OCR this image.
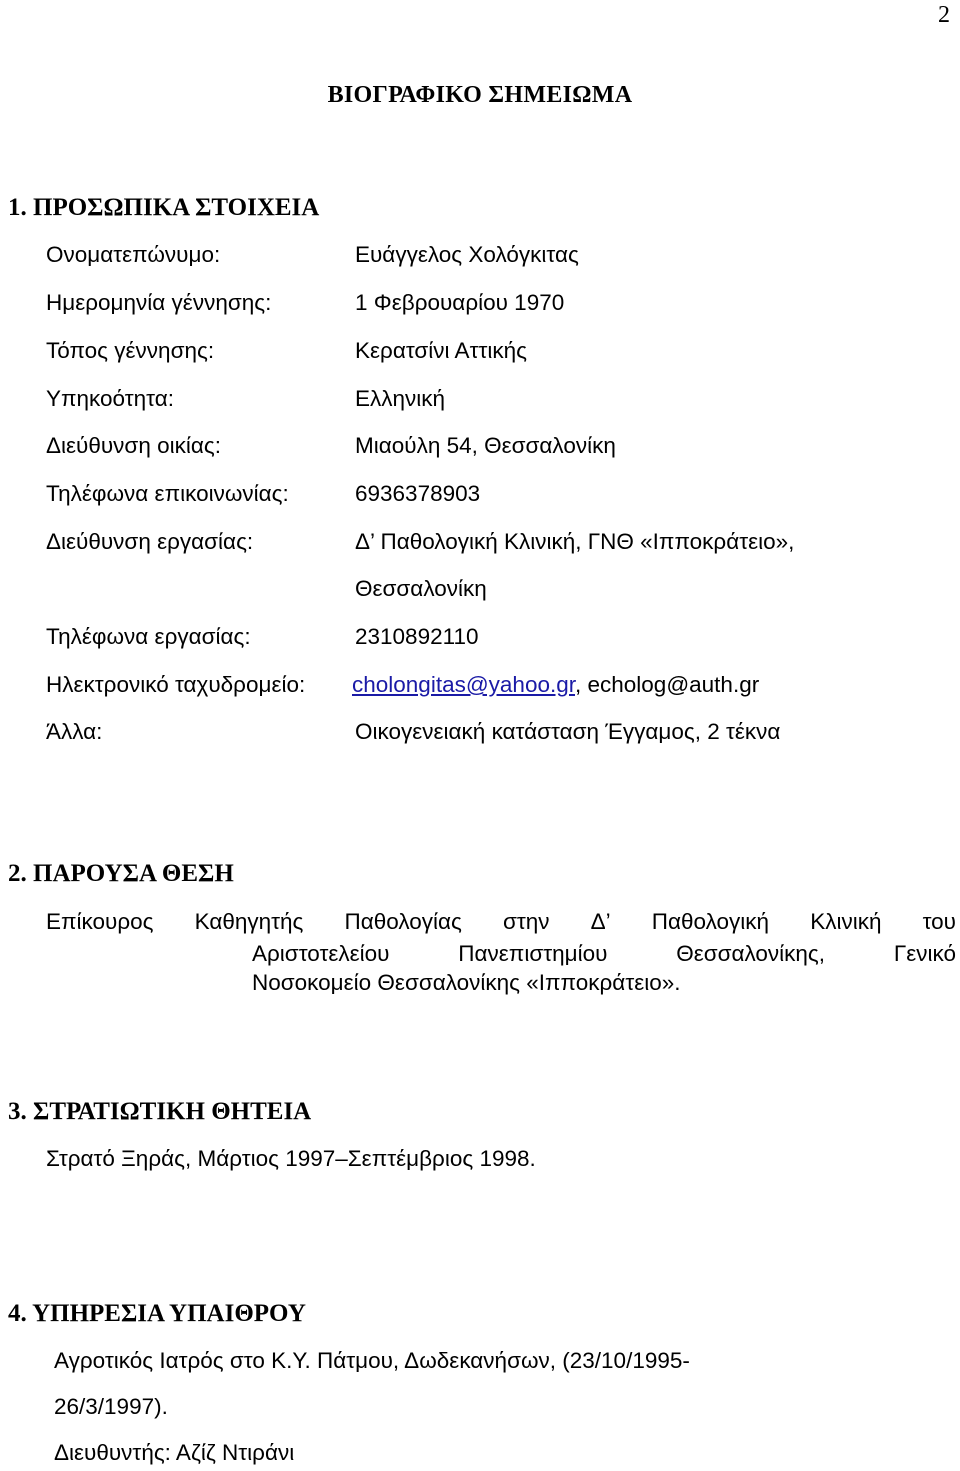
2
ΒΙΟΓΡΑΦΙΚΟ ΣΗΜΕΙΩΜΑ
1. ΠΡΟΣΩΠΙΚΑ ΣΤΟΙΧΕΙΑ
Ονοματεπώνυμο:	Ευάγγελος Χολόγκιτας
Ημερομηνία γέννησης:	1 Φεβρουαρίου 1970
Τόπος γέννησης:	Κερατσίνι Αττικής
Υπηκοότητα:	Ελληνική
Διεύθυνση οικίας:	Μιαούλη 54, Θεσσαλονίκη
Τηλέφωνα επικοινωνίας:	6936378903
Διεύθυνση εργασίας:	Δ’ Παθολογική Κλινική, ΓΝΘ «Ιπποκράτειο»,
Θεσσαλονίκη
Τηλέφωνα εργασίας:	2310892110
Ηλεκτρονικό ταχυδρομείο: cholongitas@yahoo.gr, echolog@auth.gr
Άλλα:	Οικογενειακή κατάσταση Έγγαμος, 2 τέκνα
2. ΠΑΡΟΥΣΑ ΘΕΣΗ
Επίκουρος Καθηγητής Παθολογίας στην Δ’ Παθολογική Κλινική του
Αριστοτελείου	Πανεπιστημίου	Θεσσαλονίκης,	Γενικό
Νοσοκομείο Θεσσαλονίκης «Ιπποκράτειο».
3. ΣΤΡΑΤΙΩΤΙΚΗ ΘΗΤΕΙΑ
Στρατό Ξηράς, Μάρτιος 1997–Σεπτέμβριος 1998.
4. ΥΠΗΡΕΣΙΑ ΥΠΑΙΘΡΟΥ
Αγροτικός Ιατρός στο Κ.Υ. Πάτμου, Δωδεκανήσων, (23/10/1995-
26/3/1997).
Διευθυντής: Αζίζ Ντιράνι
